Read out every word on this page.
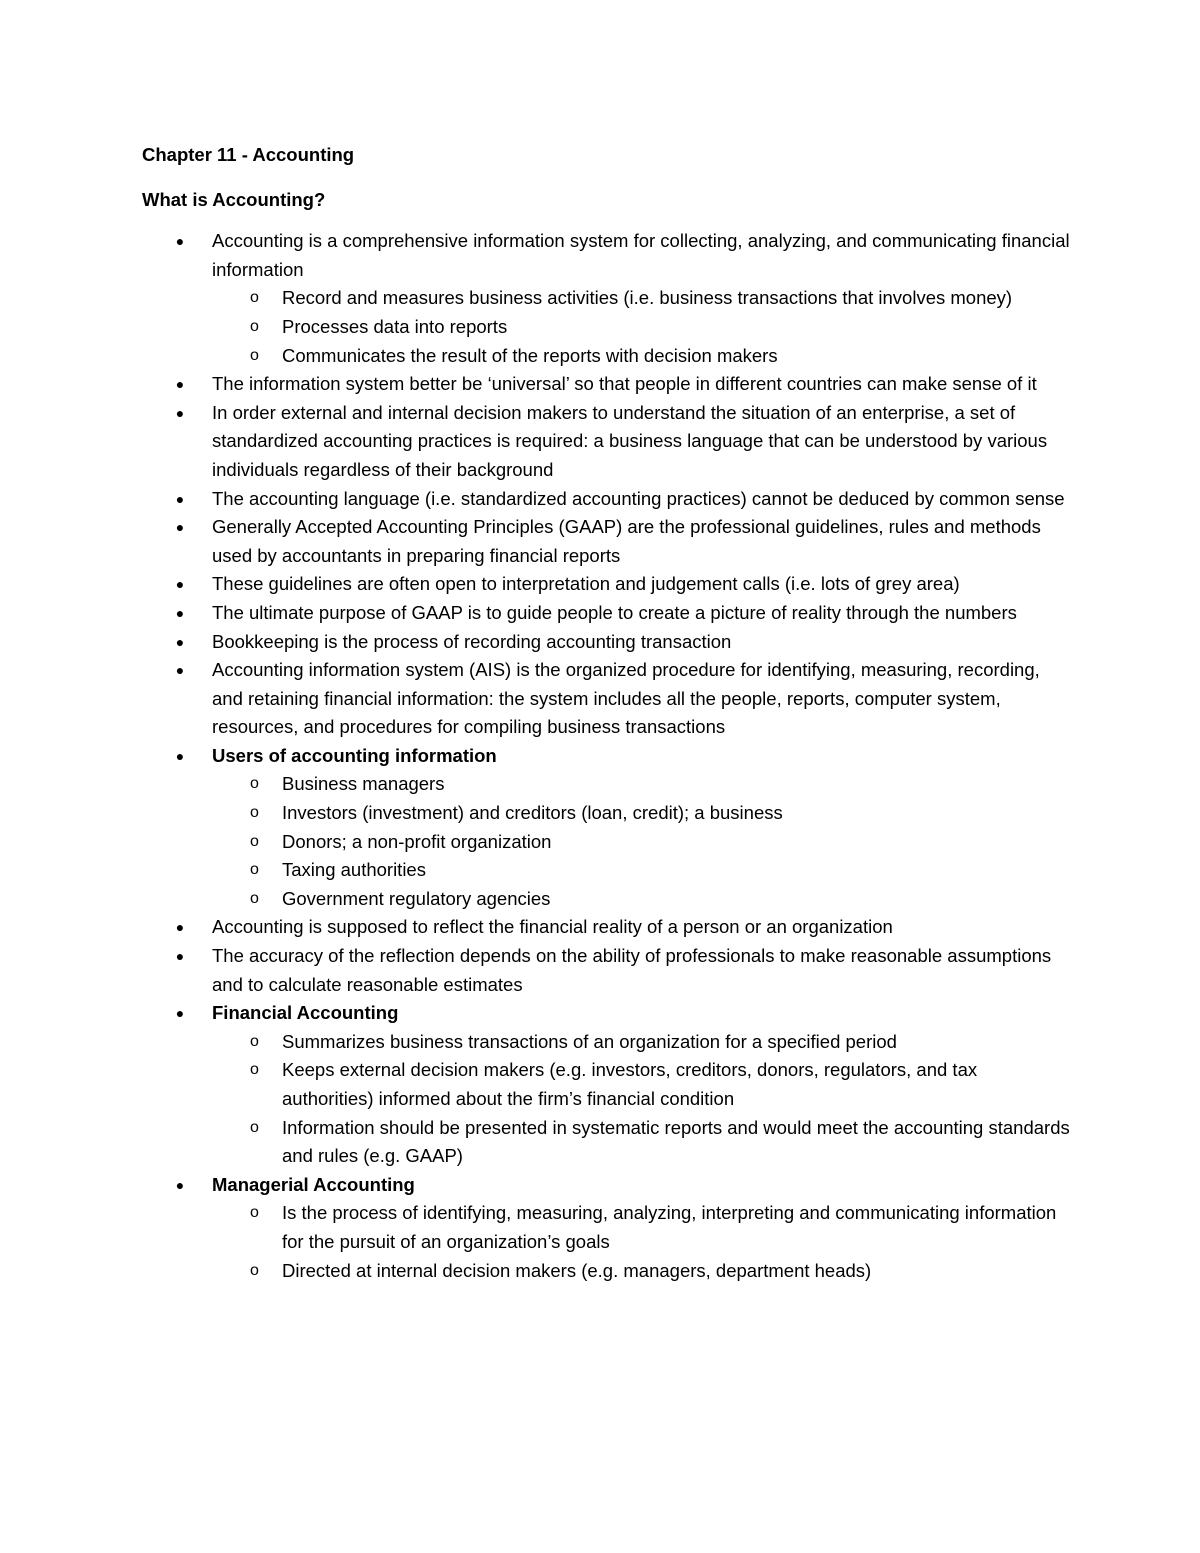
Chapter 11 - Accounting
What is Accounting?
● Accounting is a comprehensive information system for collecting, analyzing, and communicating financial information
o Record and measures business activities (i.e. business transactions that involves money)
o Processes data into reports
o Communicates the result of the reports with decision makers
● The information system better be ‘universal’ so that people in different countries can make sense of it
● In order external and internal decision makers to understand the situation of an enterprise, a set of standardized accounting practices is required: a business language that can be understood by various individuals regardless of their background
● The accounting language (i.e. standardized accounting practices) cannot be deduced by common sense
● Generally Accepted Accounting Principles (GAAP) are the professional guidelines, rules and methods used by accountants in preparing financial reports
● These guidelines are often open to interpretation and judgement calls (i.e. lots of grey area)
● The ultimate purpose of GAAP is to guide people to create a picture of reality through the numbers
● Bookkeeping is the process of recording accounting transaction
● Accounting information system (AIS) is the organized procedure for identifying, measuring, recording, and retaining financial information: the system includes all the people, reports, computer system, resources, and procedures for compiling business transactions
● Users of accounting information
o Business managers
o Investors (investment) and creditors (loan, credit); a business
o Donors; a non-profit organization
o Taxing authorities
o Government regulatory agencies
● Accounting is supposed to reflect the financial reality of a person or an organization
● The accuracy of the reflection depends on the ability of professionals to make reasonable assumptions and to calculate reasonable estimates
● Financial Accounting
o Summarizes business transactions of an organization for a specified period
o Keeps external decision makers (e.g. investors, creditors, donors, regulators, and tax authorities) informed about the firm’s financial condition
o Information should be presented in systematic reports and would meet the accounting standards and rules (e.g. GAAP)
● Managerial Accounting
o Is the process of identifying, measuring, analyzing, interpreting and communicating information for the pursuit of an organization’s goals
o Directed at internal decision makers (e.g. managers, department heads)
